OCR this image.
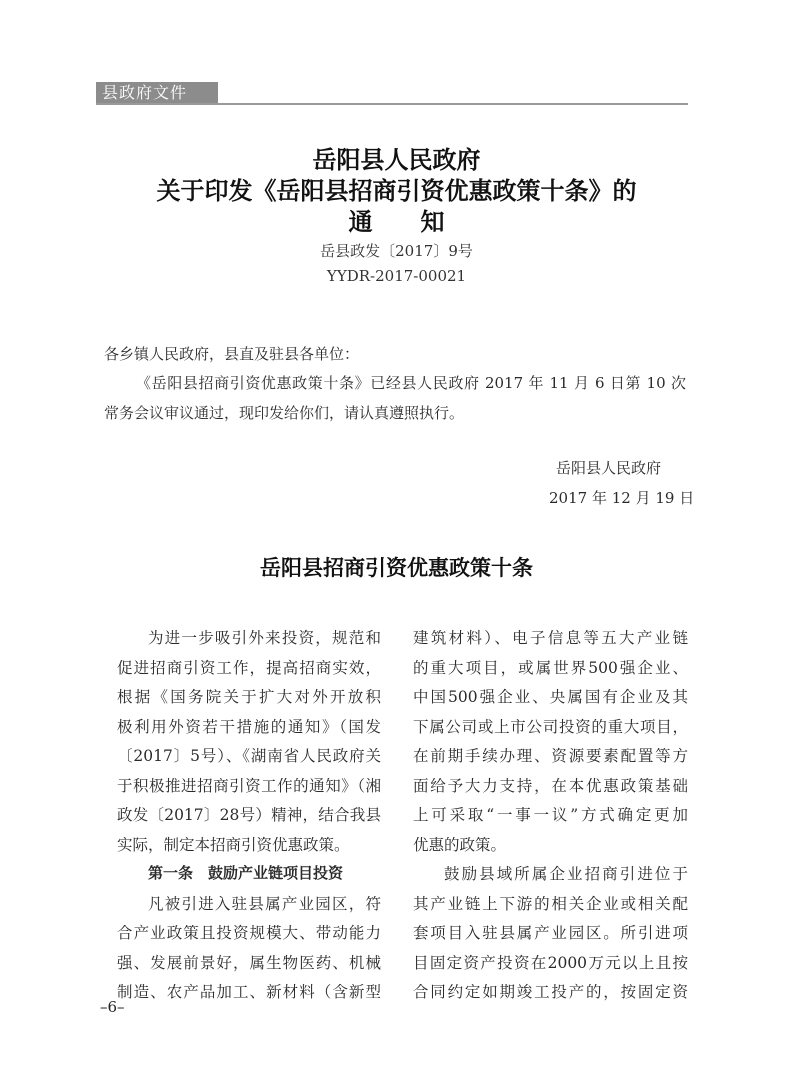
县政府文件
岳阳县人民政府
关于印发《岳阳县招商引资优惠政策十条》的
通　　知
岳县政发〔2017〕9号
YYDR-2017-00021
各乡镇人民政府，县直及驻县各单位：
《岳阳县招商引资优惠政策十条》已经县人民政府 2017 年 11 月 6 日第 10 次
常务会议审议通过，现印发给你们，请认真遵照执行。
岳阳县人民政府
2017 年 12 月 19 日
岳阳县招商引资优惠政策十条
为进一步吸引外来投资，规范和
促进招商引资工作，提高招商实效，
根据《国务院关于扩大对外开放积
极利用外资若干措施的通知》（国发
〔2017〕5号）、《湖南省人民政府关
于积极推进招商引资工作的通知》（湘
政发〔2017〕28号）精神，结合我县
实际，制定本招商引资优惠政策。
第一条　鼓励产业链项目投资
凡被引进入驻县属产业园区，符
合产业政策且投资规模大、带动能力
强、发展前景好，属生物医药、机械
制造、农产品加工、新材料（含新型
建筑材料）、电子信息等五大产业链
的重大项目，或属世界500强企业、
中国500强企业、央属国有企业及其
下属公司或上市公司投资的重大项目，
在前期手续办理、资源要素配置等方
面给予大力支持，在本优惠政策基础
上可采取“一事一议”方式确定更加
优惠的政策。
鼓励县域所属企业招商引进位于
其产业链上下游的相关企业或相关配
套项目入驻县属产业园区。所引进项
目固定资产投资在2000万元以上且按
合同约定如期竣工投产的，按固定资
–6–
